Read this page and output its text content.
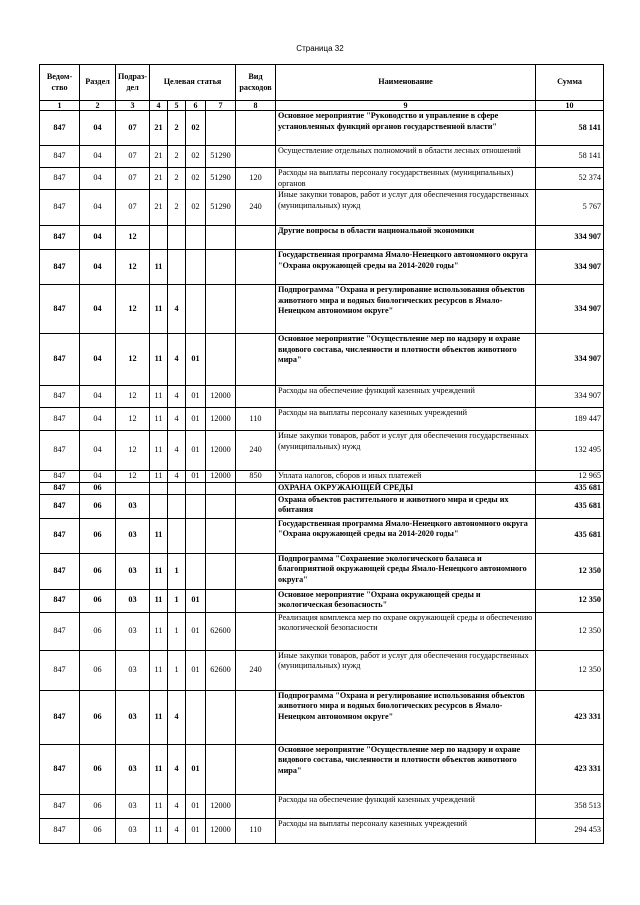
Страница 32
Ведом-ство	Раздел	Подраз-дел	Целевая статья				Вид расходов	Наименование	Сумма
1	2	3	4	5	6	7	8	9	10
847	04	07	21	2	02			Основное мероприятие "Руководство и управление в сфере установленных функций органов государственной власти"	58 141
847	04	07	21	2	02	51290		Осуществление отдельных полномочий в области лесных отношений	58 141
847	04	07	21	2	02	51290	120	Расходы на выплаты персоналу государственных (муниципальных) органов	52 374
847	04	07	21	2	02	51290	240	Иные закупки товаров, работ и услуг для обеспечения государственных (муниципальных) нужд	5 767
847	04	12						Другие вопросы в области национальной экономики	334 907
847	04	12	11					Государственная программа Ямало-Ненецкого автономного округа "Охрана окружающей среды на 2014-2020 годы"	334 907
847	04	12	11	4				Подпрограмма "Охрана и регулирование использования объектов животного мира и водных биологических ресурсов в Ямало-Ненецком автономном округе"	334 907
847	04	12	11	4	01			Основное мероприятие "Осуществление мер по надзору и охране видового состава, численности и плотности объектов животного мира"	334 907
847	04	12	11	4	01	12000		Расходы на обеспечение функций казенных учреждений	334 907
847	04	12	11	4	01	12000	110	Расходы на выплаты персоналу казенных учреждений	189 447
847	04	12	11	4	01	12000	240	Иные закупки товаров, работ и услуг для обеспечения государственных (муниципальных) нужд	132 495
847	04	12	11	4	01	12000	850	Уплата налогов, сборов и иных платежей	12 965
847	06							ОХРАНА ОКРУЖАЮЩЕЙ СРЕДЫ	435 681
847	06	03						Охрана объектов растительного и животного мира и среды их обитания	435 681
847	06	03	11					Государственная программа Ямало-Ненецкого автономного округа "Охрана окружающей среды на 2014-2020 годы"	435 681
847	06	03	11	1				Подпрограмма "Сохранение экологического баланса и благоприятной окружающей среды Ямало-Ненецкого автономного округа"	12 350
847	06	03	11	1	01			Основное мероприятие "Охрана окружающей среды и экологическая безопасность"	12 350
847	06	03	11	1	01	62600		Реализация комплекса мер по охране окружающей среды и обеспечению экологической безопасности	12 350
847	06	03	11	1	01	62600	240	Иные закупки товаров, работ и услуг для обеспечения государственных (муниципальных) нужд	12 350
847	06	03	11	4				Подпрограмма "Охрана и регулирование использования объектов животного мира и водных биологических ресурсов в Ямало-Ненецком автономном округе"	423 331
847	06	03	11	4	01			Основное мероприятие "Осуществление мер по надзору и охране видового состава, численности и плотности объектов животного мира"	423 331
847	06	03	11	4	01	12000		Расходы на обеспечение функций казенных учреждений	358 513
847	06	03	11	4	01	12000	110	Расходы на выплаты персоналу казенных учреждений	294 453
